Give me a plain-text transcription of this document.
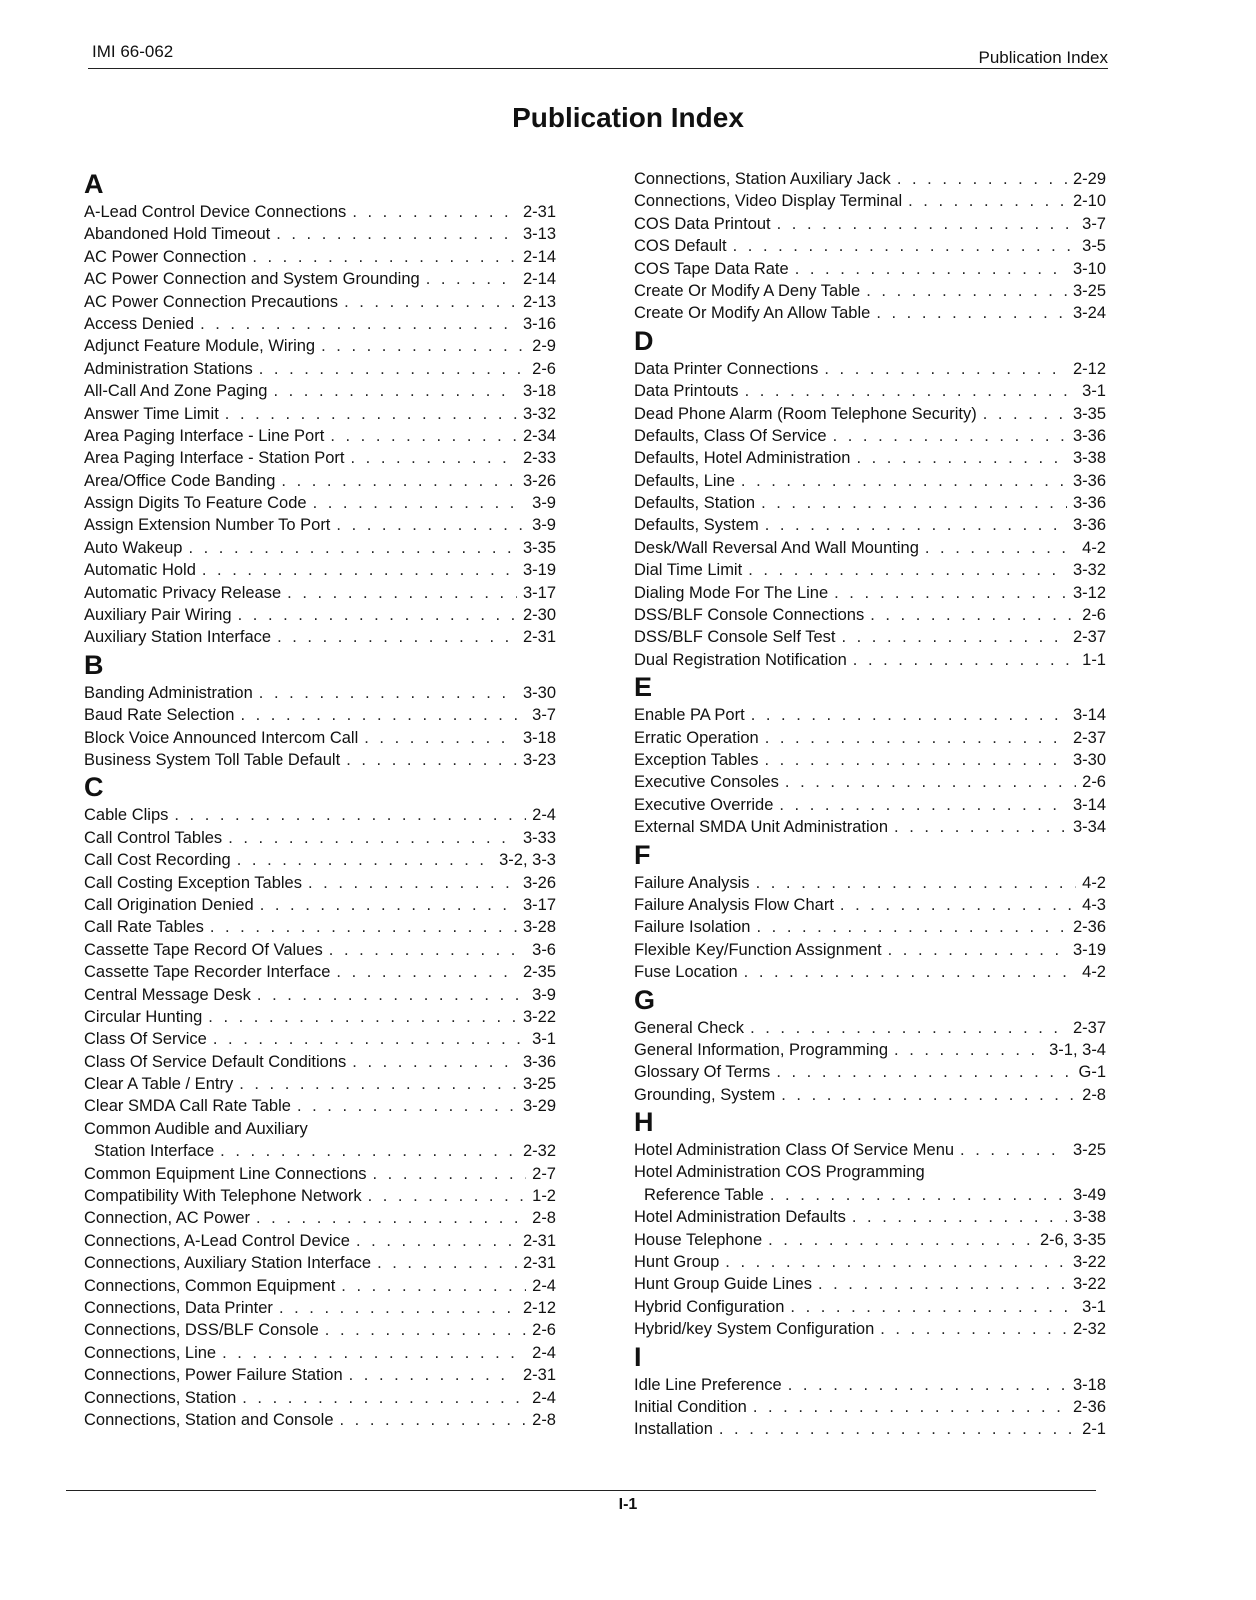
IMI 66-062	Publication Index
Publication Index
A
A-Lead Control Device Connections . . .	2-31
Abandoned Hold Timeout . . .	3-13
AC Power Connection . . .	2-14
AC Power Connection and System Grounding . . .	2-14
AC Power Connection Precautions . . .	2-13
Access Denied . . .	3-16
Adjunct Feature Module, Wiring . . .	2-9
Administration Stations . . .	2-6
All-Call And Zone Paging . . .	3-18
Answer Time Limit . . .	3-32
Area Paging Interface - Line Port . . .	2-34
Area Paging Interface - Station Port . . .	2-33
Area/Office Code Banding . . .	3-26
Assign Digits To Feature Code . . .	3-9
Assign Extension Number To Port . . .	3-9
Auto Wakeup . . .	3-35
Automatic Hold . . .	3-19
Automatic Privacy Release . . .	3-17
Auxiliary Pair Wiring . . .	2-30
Auxiliary Station Interface . . .	2-31
B
Banding Administration . . .	3-30
Baud Rate Selection . . .	3-7
Block Voice Announced Intercom Call . . .	3-18
Business System Toll Table Default . . .	3-23
C
Cable Clips . . .	2-4
Call Control Tables . . .	3-33
Call Cost Recording . . .	3-2, 3-3
Call Costing Exception Tables . . .	3-26
Call Origination Denied . . .	3-17
Call Rate Tables . . .	3-28
Cassette Tape Record Of Values . . .	3-6
Cassette Tape Recorder Interface . . .	2-35
Central Message Desk . . .	3-9
Circular Hunting . . .	3-22
Class Of Service . . .	3-1
Class Of Service Default Conditions . . .	3-36
Clear A Table / Entry . . .	3-25
Clear SMDA Call Rate Table . . .	3-29
Common Audible and Auxiliary
Station Interface . . .	2-32
Common Equipment Line Connections . . .	2-7
Compatibility With Telephone Network . . .	1-2
Connection, AC Power . . .	2-8
Connections, A-Lead Control Device . . .	2-31
Connections, Auxiliary Station Interface . . .	2-31
Connections, Common Equipment . . .	2-4
Connections, Data Printer . . .	2-12
Connections, DSS/BLF Console . . .	2-6
Connections, Line . . .	2-4
Connections, Power Failure Station . . .	2-31
Connections, Station . . .	2-4
Connections, Station and Console . . .	2-8
Connections, Station Auxiliary Jack . . .	2-29
Connections, Video Display Terminal . . .	2-10
COS Data Printout . . .	3-7
COS Default . . .	3-5
COS Tape Data Rate . . .	3-10
Create Or Modify A Deny Table . . .	3-25
Create Or Modify An Allow Table . . .	3-24
D
Data Printer Connections . . .	2-12
Data Printouts . . .	3-1
Dead Phone Alarm (Room Telephone Security) . . .	3-35
Defaults, Class Of Service . . .	3-36
Defaults, Hotel Administration . . .	3-38
Defaults, Line . . .	3-36
Defaults, Station . . .	3-36
Defaults, System . . .	3-36
Desk/Wall Reversal And Wall Mounting . . .	4-2
Dial Time Limit . . .	3-32
Dialing Mode For The Line . . .	3-12
DSS/BLF Console Connections . . .	2-6
DSS/BLF Console Self Test . . .	2-37
Dual Registration Notification . . .	1-1
E
Enable PA Port . . .	3-14
Erratic Operation . . .	2-37
Exception Tables . . .	3-30
Executive Consoles . . .	2-6
Executive Override . . .	3-14
External SMDA Unit Administration . . .	3-34
F
Failure Analysis . . .	4-2
Failure Analysis Flow Chart . . .	4-3
Failure Isolation . . .	2-36
Flexible Key/Function Assignment . . .	3-19
Fuse Location . . .	4-2
G
General Check . . .	2-37
General Information, Programming . . .	3-1, 3-4
Glossary Of Terms . . .	G-1
Grounding, System . . .	2-8
H
Hotel Administration Class Of Service Menu . . .	3-25
Hotel Administration COS Programming
Reference Table . . .	3-49
Hotel Administration Defaults . . .	3-38
House Telephone . . .	2-6, 3-35
Hunt Group . . .	3-22
Hunt Group Guide Lines . . .	3-22
Hybrid Configuration . . .	3-1
Hybrid/key System Configuration . . .	2-32
I
Idle Line Preference . . .	3-18
Initial Condition . . .	2-36
Installation . . .	2-1
I-1
